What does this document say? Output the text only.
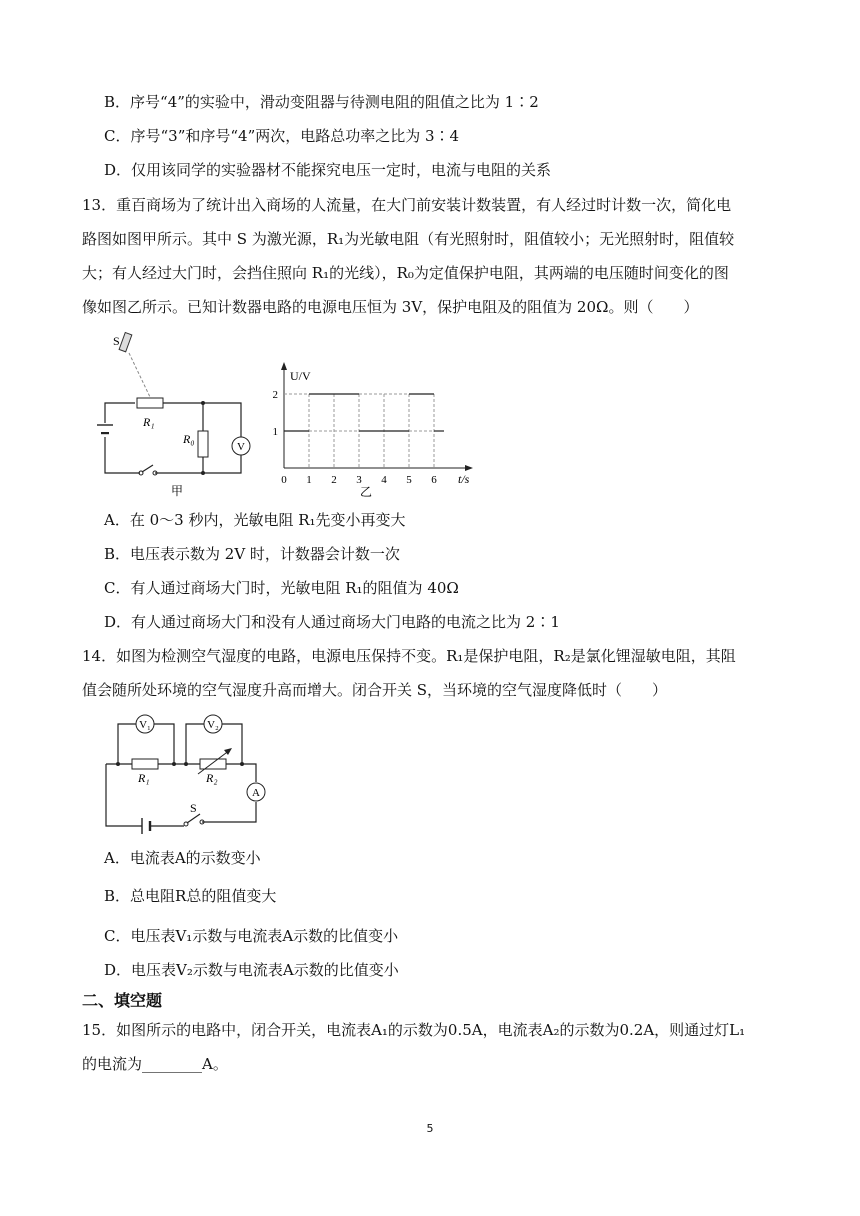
B．序号“4”的实验中，滑动变阻器与待测电阻的阻值之比为 1∶2
C．序号“3”和序号“4”两次，电路总功率之比为 3∶4
D．仅用该同学的实验器材不能探究电压一定时，电流与电阻的关系
13．重百商场为了统计出入商场的人流量，在大门前安装计数装置，有人经过时计数一次，简化电
路图如图甲所示。其中 S 为激光源，R₁为光敏电阻（有光照射时，阻值较小；无光照射时，阻值较
大；有人经过大门时，会挡住照向 R₁的光线），R₀为定值保护电阻，其两端的电压随时间变化的图
像如图乙所示。已知计数器电路的电源电压恒为 3V，保护电阻及的阻值为 20Ω。则（　　）
S
R₁
R₀
V
甲
U/V
t/s
乙
1
2
0 1 2 3 4 5 6
A．在 0～3 秒内，光敏电阻 R₁先变小再变大
B．电压表示数为 2V 时，计数器会计数一次
C．有人通过商场大门时，光敏电阻 R₁的阻值为 40Ω
D．有人通过商场大门和没有人通过商场大门电路的电流之比为 2∶1
14．如图为检测空气湿度的电路，电源电压保持不变。R₁是保护电阻，R₂是氯化锂湿敏电阻，其阻
值会随所处环境的空气湿度升高而增大。闭合开关 S，当环境的空气湿度降低时（　　）
V₁	V₂
R₁	R₂
A
S
A．电流表A的示数变小
B．总电阻R总的阻值变大
C．电压表V₁示数与电流表A示数的比值变小
D．电压表V₂示数与电流表A示数的比值变小
二、填空题
15．如图所示的电路中，闭合开关，电流表A₁的示数为0.5A，电流表A₂的示数为0.2A，则通过灯L₁
的电流为________A。
5
